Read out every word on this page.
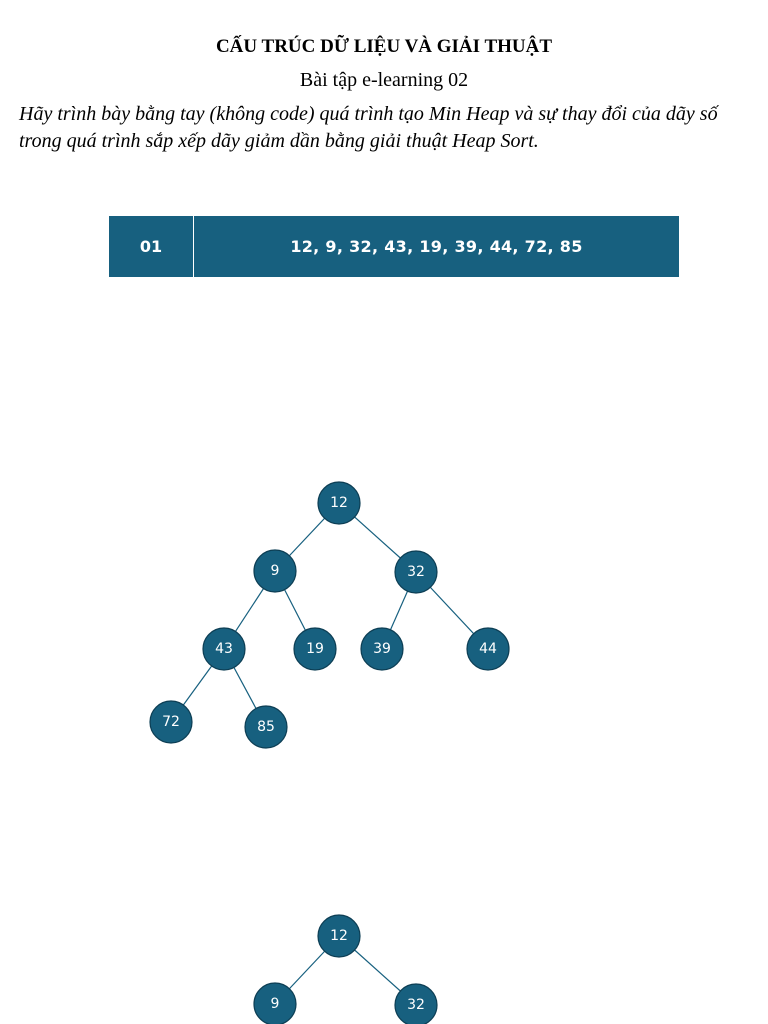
CẤU TRÚC DỮ LIỆU VÀ GIẢI THUẬT
Bài tập e-learning 02
Hãy trình bày bằng tay (không code) quá trình tạo Min Heap và sự thay đổi của dãy số trong quá trình sắp xếp dãy giảm dần bằng giải thuật Heap Sort.
01	12, 9, 32, 43, 19, 39, 44, 72, 85
12
9	32
43	19	39	44
72	85
12
9	32
